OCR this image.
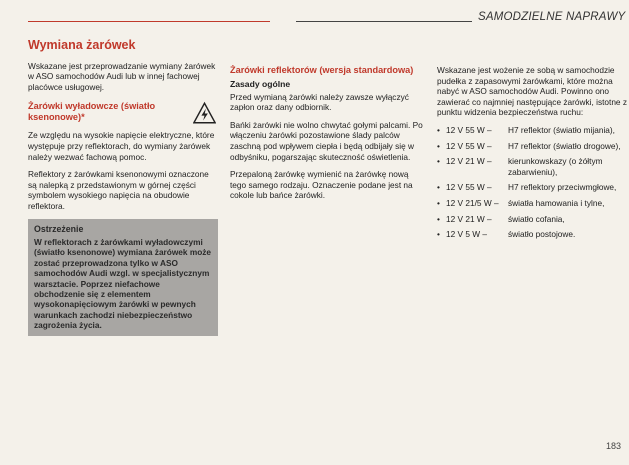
SAMODZIELNE NAPRAWY
Wymiana żarówek

Wskazane jest przeprowadzanie wymiany żarówek w ASO samochodów Audi lub w innej fachowej placówce usługowej.

Żarówki wyładowcze (światło ksenonowe)*

Ze względu na wysokie napięcie elektryczne, które występuje przy reflektorach, do wymiany żarówek należy wezwać fachową pomoc.

Reflektory z żarówkami ksenonowymi oznaczone są nalepką z przedstawionym w górnej części symbolem wysokiego napięcia na obudowie reflektora.

Ostrzeżenie
W reflektorach z żarówkami wyładowczymi (światło ksenonowe) wymiana żarówek może zostać przeprowadzona tylko w ASO samochodów Audi wzgl. w specjalistycznym warsztacie. Poprzez niefachowe obchodzenie się z elementem wysokonapięciowym żarówki w pewnych warunkach zachodzi niebezpieczeństwo zagrożenia życia.
Żarówki reflektorów (wersja standardowa)
Zasady ogólne

Przed wymianą żarówki należy zawsze wyłączyć zapłon oraz dany odbiornik.

Bańki żarówki nie wolno chwytać gołymi palcami. Po włączeniu żarówki pozostawione ślady palców zaschną pod wpływem ciepła i będą odbijały się w odbyśniku, pogarszając skuteczność oświetlenia.

Przepaloną żarówkę wymienić na żarówkę nową tego samego rodzaju. Oznaczenie podane jest na cokole lub bańce żarówki.

Wskazane jest wożenie ze sobą w samochodzie pudełka z zapasowymi żarówkami, które można nabyć w ASO samochodów Audi. Powinno ono zawierać co najmniej następujące żarówki, istotne z punktu widzenia bezpieczeństwa ruchu:

• 12 V 55 W –	H7 reflektor (światło mijania),
• 12 V 55 W –	H7 reflektor (światło drogowe),
• 12 V 21 W –	kierunkowskazy (o żółtym zabarwieniu),
• 12 V 55 W –	H7 reflektory przeciwmgłowe,
• 12 V 21/5 W –	światła hamowania i tylne,
• 12 V 21 W –	światło cofania,
• 12 V 5 W –	światło postojowe.
183
